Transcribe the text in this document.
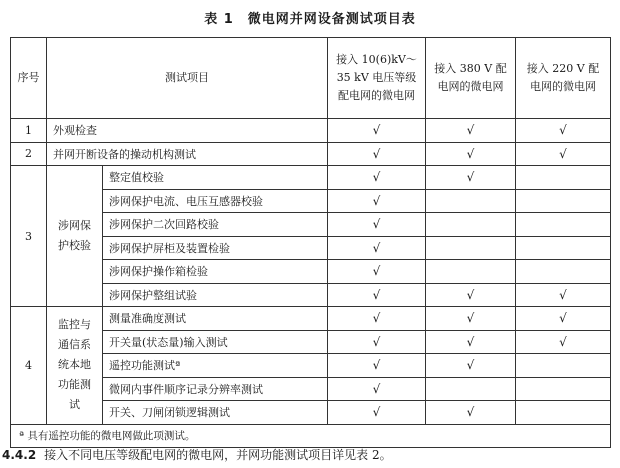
表 1　微电网并网设备测试项目表
序号	测试项目		接入 10(6)kV～35 kV 电压等级配电网的微电网	接入 380 V 配电网的微电网	接入 220 V 配电网的微电网
1	外观检查		√	√	√
2	并网开断设备的操动机构测试		√	√	√
3	涉网保护校验	整定值校验	√	√	
		涉网保护电流、电压互感器校验	√		
		涉网保护二次回路校验	√		
		涉网保护屏柜及装置检验	√		
		涉网保护操作箱检验	√		
		涉网保护整组试验	√	√	√
4	监控与通信系统本地功能测试	测量准确度测试	√	√	√
		开关量(状态量)输入测试	√	√	√
		遥控功能测试ª	√	√	
		微网内事件顺序记录分辨率测试	√		
		开关、刀闸闭锁逻辑测试	√	√	
ª 具有遥控功能的微电网做此项测试。					
4.4.2 接入不同电压等级配电网的微电网，并网功能测试项目详见表 2。
